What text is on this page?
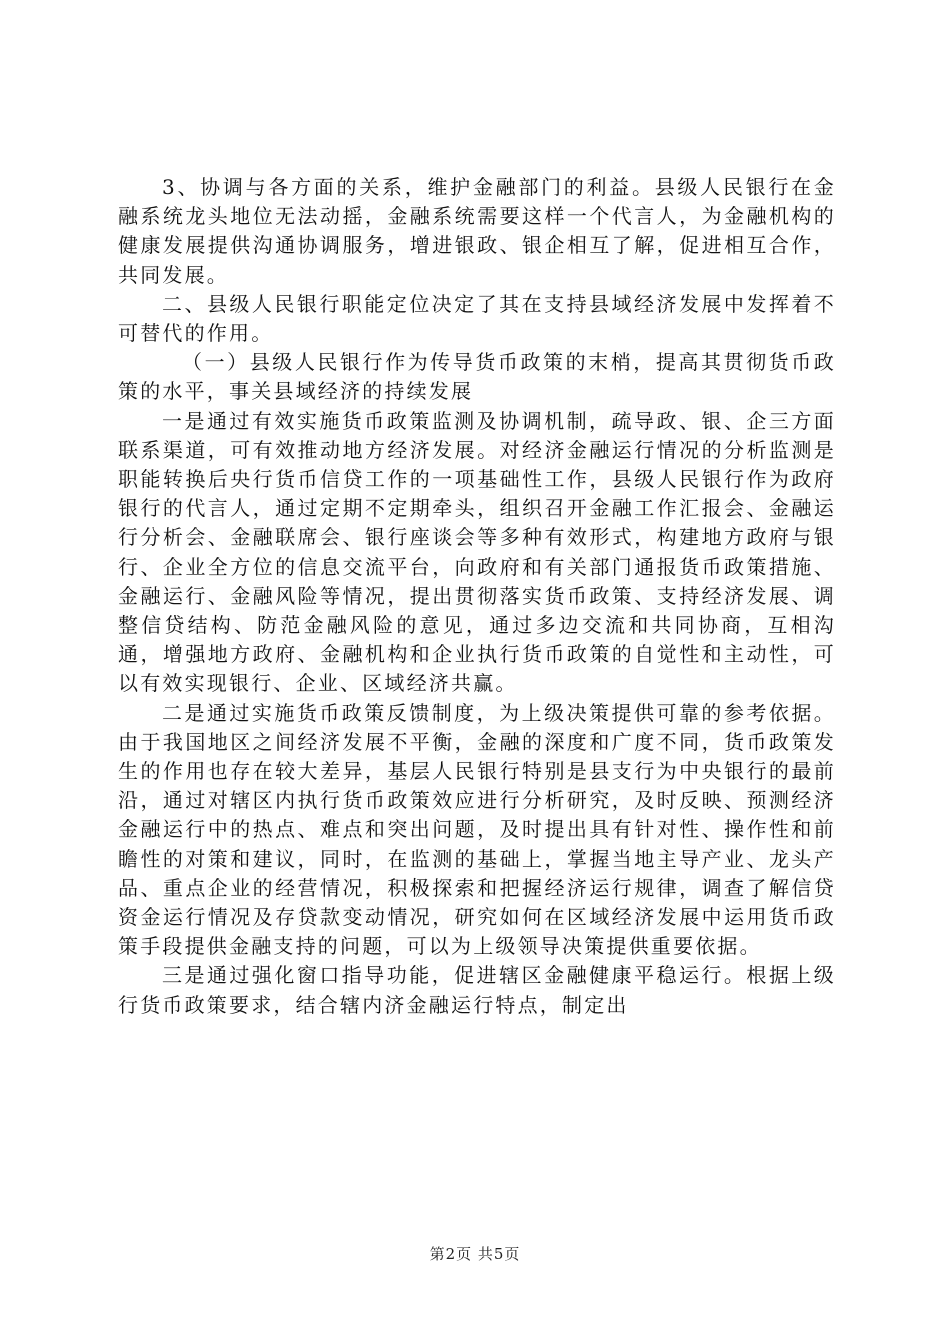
3、协调与各方面的关系，维护金融部门的利益。县级人民银行在金融系统龙头地位无法动摇，金融系统需要这样一个代言人，为金融机构的健康发展提供沟通协调服务，增进银政、银企相互了解，促进相互合作，共同发展。

二、县级人民银行职能定位决定了其在支持县域经济发展中发挥着不可替代的作用。

（一）县级人民银行作为传导货币政策的末梢，提高其贯彻货币政策的水平，事关县域经济的持续发展

一是通过有效实施货币政策监测及协调机制，疏导政、银、企三方面联系渠道，可有效推动地方经济发展。对经济金融运行情况的分析监测是职能转换后央行货币信贷工作的一项基础性工作，县级人民银行作为政府银行的代言人，通过定期不定期牵头，组织召开金融工作汇报会、金融运行分析会、金融联席会、银行座谈会等多种有效形式，构建地方政府与银行、企业全方位的信息交流平台，向政府和有关部门通报货币政策措施、金融运行、金融风险等情况，提出贯彻落实货币政策、支持经济发展、调整信贷结构、防范金融风险的意见，通过多边交流和共同协商，互相沟通，增强地方政府、金融机构和企业执行货币政策的自觉性和主动性，可以有效实现银行、企业、区域经济共赢。

二是通过实施货币政策反馈制度，为上级决策提供可靠的参考依据。由于我国地区之间经济发展不平衡，金融的深度和广度不同，货币政策发生的作用也存在较大差异，基层人民银行特别是县支行为中央银行的最前沿，通过对辖区内执行货币政策效应进行分析研究，及时反映、预测经济金融运行中的热点、难点和突出问题，及时提出具有针对性、操作性和前瞻性的对策和建议，同时，在监测的基础上，掌握当地主导产业、龙头产品、重点企业的经营情况，积极探索和把握经济运行规律，调查了解信贷资金运行情况及存贷款变动情况，研究如何在区域经济发展中运用货币政策手段提供金融支持的问题，可以为上级领导决策提供重要依据。

三是通过强化窗口指导功能，促进辖区金融健康平稳运行。根据上级行货币政策要求，结合辖内济金融运行特点，制定出

第2页 共5页
